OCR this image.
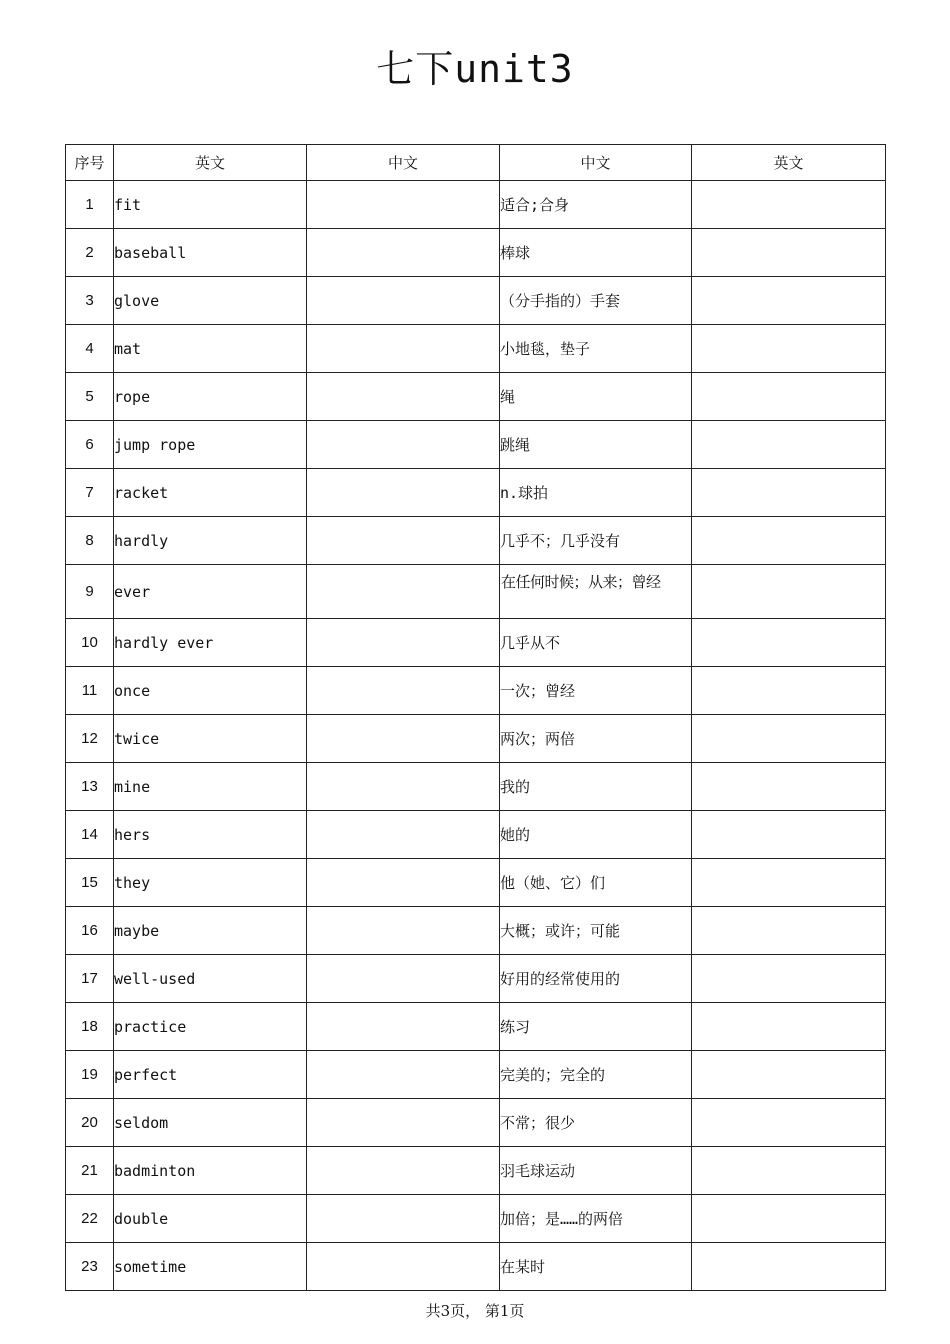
七下unit3
序号	英文	中文	中文	英文
1	fit		适合;合身	
2	baseball		棒球	
3	glove		（分手指的）手套	
4	mat		小地毯，垫子	
5	rope		绳	
6	jump rope		跳绳	
7	racket		n.球拍	
8	hardly		几乎不；几乎没有	
9	ever		在任何时候；从来；曾经	
10	hardly ever		几乎从不	
11	once		一次；曾经	
12	twice		两次；两倍	
13	mine		我的	
14	hers		她的	
15	they		他（她、它）们	
16	maybe		大概；或许；可能	
17	well-used		好用的经常使用的	
18	practice		练习	
19	perfect		完美的；完全的	
20	seldom		不常；很少	
21	badminton		羽毛球运动	
22	double		加倍；是……的两倍	
23	sometime		在某时	
共3页， 第1页
